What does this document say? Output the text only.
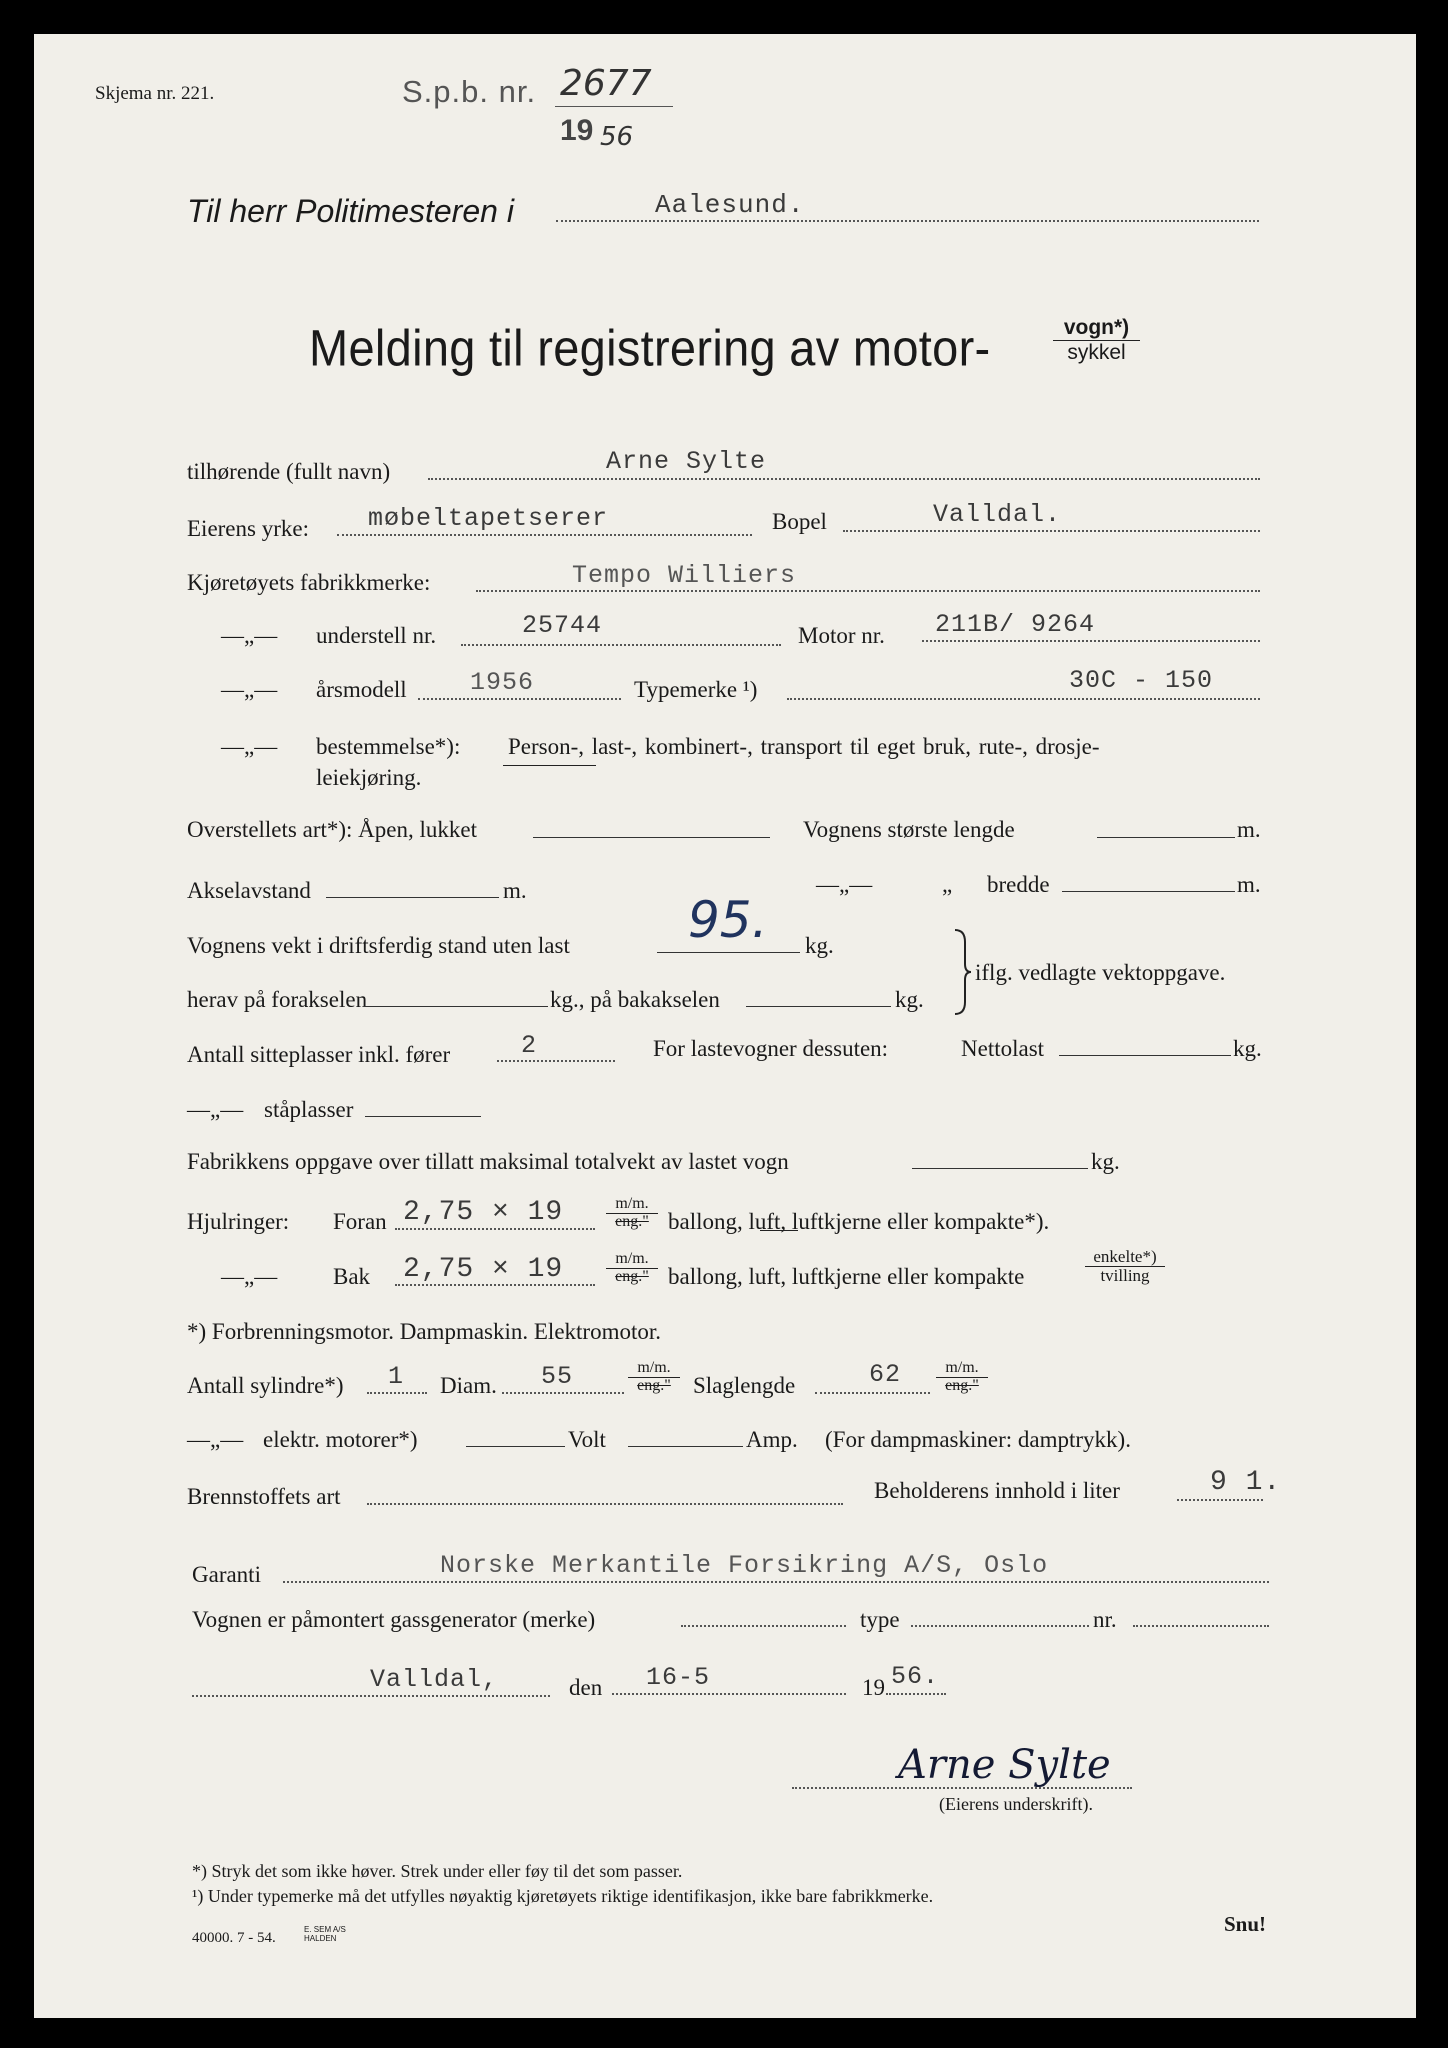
Skjema nr. 221.	S.p.b. nr. 2677
19 56
Til herr Politimesteren i	Aalesund.
Melding til registrering av motor-	vogn*)
sykkel
tilhørende (fullt navn)	Arne Sylte
Eierens yrke: møbeltapetserer	Bopel	Valldal.
Kjøretøyets fabrikkmerke:	Tempo Williers
—„— understell nr.	25744	Motor nr. 211B/ 9264
—„— årsmodell	1956	Typemerke ¹)	30C - 150
—„— bestemmelse*): Person-, last-, kombinert-, transport til eget bruk, rute-, drosje-
leiekjøring.
Overstellets art*): Åpen, lukket	Vognens største lengde	m.
Akselavstand	m.	—„—	„ bredde	m.
Vognens vekt i driftsferdig stand uten last 95. kg.
herav på forakselen	kg., på bakakselen	kg.
iflg. vedlagte vektoppgave.
Antall sitteplasser inkl. fører	2	For lastevogner dessuten:	Nettolast	kg.
—„— ståplasser
Fabrikkens oppgave over tillatt maksimal totalvekt av lastet vogn	kg.
Hjulringer: Foran 2,75 × 19	m/m.
eng." ballong, luft, luftkjerne eller kompakte*).
—„— Bak 2,75 × 19	m/m.
eng." ballong, luft, luftkjerne eller kompakte
enkelte*)
tvilling
*) Forbrenningsmotor. Dampmaskin. Elektromotor.
Antall sylindre*) 1 Diam. 55	m/m.
eng." Slaglengde	62	m/m.
eng."
—„— elektr. motorer*)	Volt	Amp. (For dampmaskiner: damptrykk).
Brennstoffets art	Beholderens innhold i liter	9 1.
Garanti	Norske Merkantile Forsikring A/S, Oslo
Vognen er påmontert gassgenerator (merke)	type	nr.
Valldal,	den 16-5	19 56.
Arne Sylte
(Eierens underskrift).
*) Stryk det som ikke høver. Strek under eller føy til det som passer.
¹) Under typemerke må det utfylles nøyaktig kjøretøyets riktige identifikasjon, ikke bare fabrikkmerke.
40000. 7 - 54.
E. SEM A/S
HALDEN
Snu!
